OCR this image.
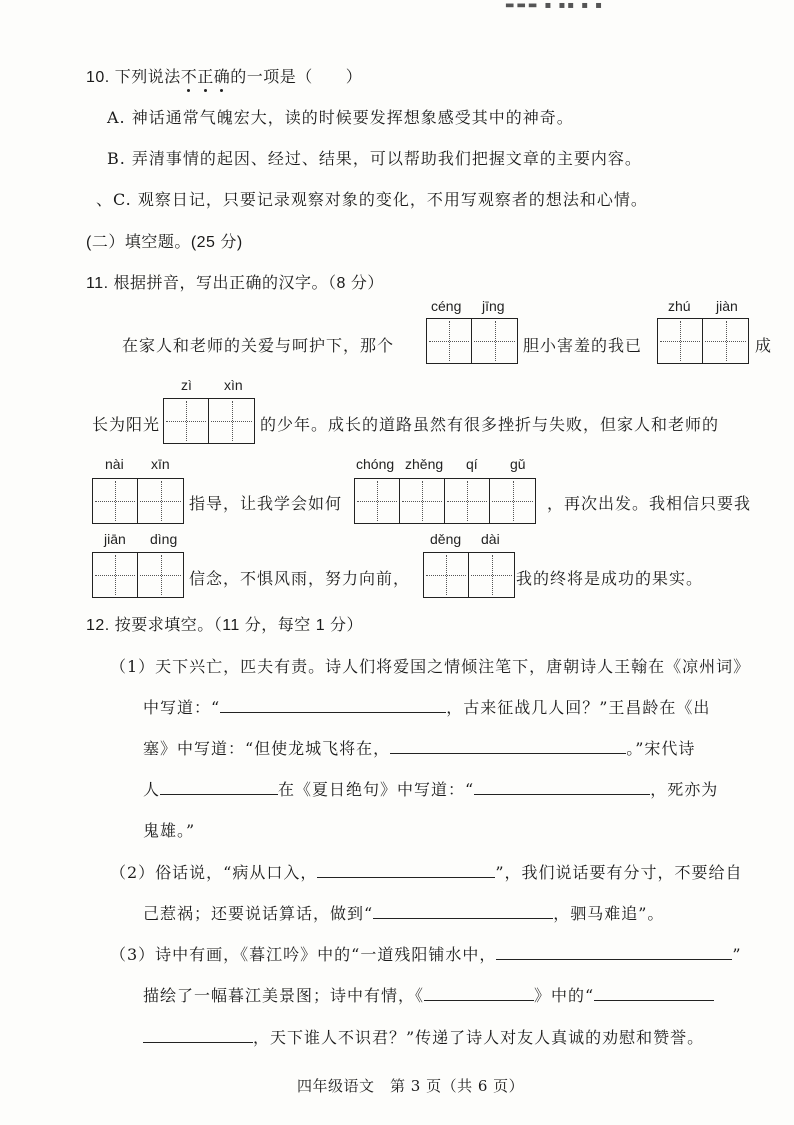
▬▬▬ ▪ ▪▪ ▪ ▪
10. 下列说法不正确的一项是（　　）
A. 神话通常气魄宏大，读的时候要发挥想象感受其中的神奇。
B. 弄清事情的起因、经过、结果，可以帮助我们把握文章的主要内容。
、C. 观察日记，只要记录观察对象的变化，不用写观察者的想法和心情。
(二）填空题。(25 分)
11. 根据拼音，写出正确的汉字。（8 分）
céng jīng	zhú jiàn
在家人和老师的关爱与呵护下，那个	胆小害羞的我已	成
zì xìn
长为阳光	的少年。成长的道路虽然有很多挫折与失败，但家人和老师的
nài xīn	chóng zhěng qí gǔ
指导，让我学会如何	，再次出发。我相信只要我
jiān dìng	děng dài
信念，不惧风雨，努力向前，	我的终将是成功的果实。
12. 按要求填空。（11 分，每空 1 分）
（1）天下兴亡，匹夫有责。诗人们将爱国之情倾注笔下，唐朝诗人王翰在《凉州词》
中写道：“	，古来征战几人回？”王昌龄在《出
塞》中写道：“但使龙城飞将在，	。”宋代诗
人	在《夏日绝句》中写道：“	，死亦为
鬼雄。”
（2）俗话说，“病从口入，	”，我们说话要有分寸，不要给自
己惹祸；还要说话算话，做到“	，驷马难追”。
（3）诗中有画，《暮江吟》中的“一道残阳铺水中，	”
描绘了一幅暮江美景图；诗中有情，《	》中的“
，天下谁人不识君？”传递了诗人对友人真诚的劝慰和赞誉。
四年级语文　第 3 页（共 6 页）
